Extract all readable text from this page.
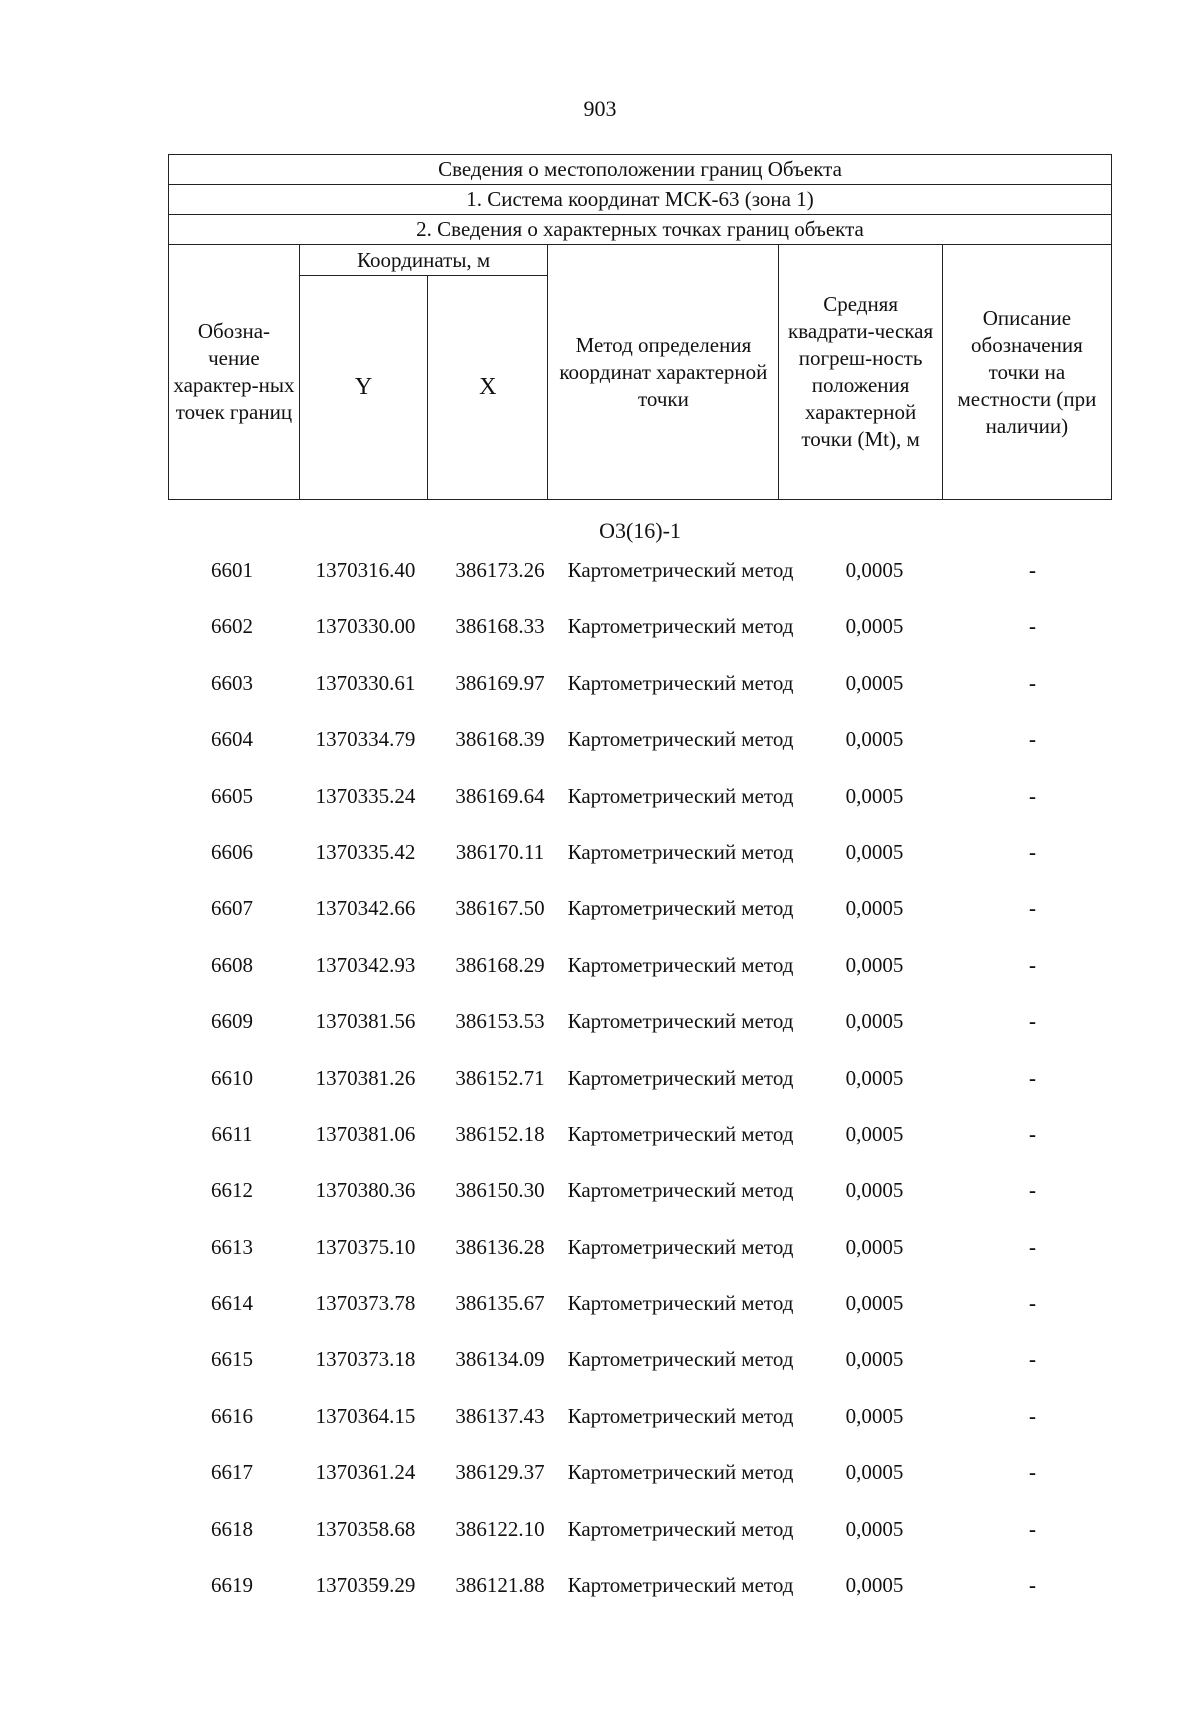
903
Сведения о местоположении границ Объекта					
1. Система координат МСК-63 (зона 1)					
2. Сведения о характерных точках границ объекта					
Обозна-чение характер-ных точек границ	Координаты, м		Метод определения координат характерной точки	Средняя квадрати-ческая погреш-ность положения характерной точки (Mt), м	Описание обозначения точки на местности (при наличии)
	Y	X			
О3(16)-1
6601	1370316.40	386173.26	Картометрический метод	0,0005	-
6602	1370330.00	386168.33	Картометрический метод	0,0005	-
6603	1370330.61	386169.97	Картометрический метод	0,0005	-
6604	1370334.79	386168.39	Картометрический метод	0,0005	-
6605	1370335.24	386169.64	Картометрический метод	0,0005	-
6606	1370335.42	386170.11	Картометрический метод	0,0005	-
6607	1370342.66	386167.50	Картометрический метод	0,0005	-
6608	1370342.93	386168.29	Картометрический метод	0,0005	-
6609	1370381.56	386153.53	Картометрический метод	0,0005	-
6610	1370381.26	386152.71	Картометрический метод	0,0005	-
6611	1370381.06	386152.18	Картометрический метод	0,0005	-
6612	1370380.36	386150.30	Картометрический метод	0,0005	-
6613	1370375.10	386136.28	Картометрический метод	0,0005	-
6614	1370373.78	386135.67	Картометрический метод	0,0005	-
6615	1370373.18	386134.09	Картометрический метод	0,0005	-
6616	1370364.15	386137.43	Картометрический метод	0,0005	-
6617	1370361.24	386129.37	Картометрический метод	0,0005	-
6618	1370358.68	386122.10	Картометрический метод	0,0005	-
6619	1370359.29	386121.88	Картометрический метод	0,0005	-
